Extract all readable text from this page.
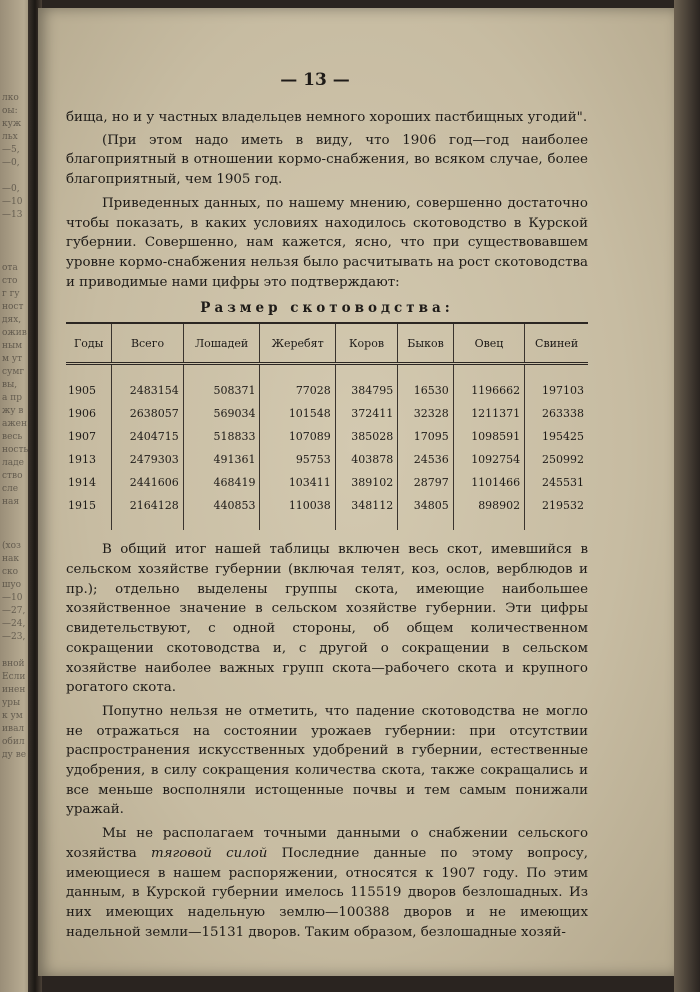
лко
оы:
куж
льх
—5,
—0,
—0,
—10
—13
ота
сто
г гу
ност
дях,
ожив
ным
м ут
сумг
вы,
а пр
жу в
ажен
весь
ность
ладе
ство
сле
ная
(хоз
нак
ско
шуо
—10
—27,
—24,
—23,
вной
Если
инен
уры
к ум
ивал
обил
ду ве
— 13 —

бища, но и у частных владельцев немного хороших пастбищных угодий".

(При этом надо иметь в виду, что 1906 год—год наиболее благоприятный в отношении кормо-снабжения, во всяком случае, более благоприятный, чем 1905 год.

Приведенных данных, по нашему мнению, совершенно достаточно чтобы показать, в каких условиях находилось скотоводство в Курской губернии. Совершенно, нам кажется, ясно, что при существовавшем уровне кормо-снабжения нельзя было расчитывать на рост скотоводства и приводимые нами цифры это подтверждают:

Размер скотоводства:
Годы	Всего	Лошадей	Жеребят	Коров	Быков	Овец	Свиней
1905	2483154	508371	77028	384795	16530	1196662	197103
1906	2638057	569034	101548	372411	32328	1211371	263338
1907	2404715	518833	107089	385028	17095	1098591	195425
1913	2479303	491361	95753	403878	24536	1092754	250992
1914	2441606	468419	103411	389102	28797	1101466	245531
1915	2164128	440853	110038	348112	34805	898902	219532

В общий итог нашей таблицы включен весь скот, имевшийся в сельском хозяйстве губернии (включая телят, коз, ослов, верблюдов и пр.); отдельно выделены группы скота, имеющие наибольшее хозяйственное значение в сельском хозяйстве губернии. Эти цифры свидетельствуют, с одной стороны, об общем количественном сокращении скотоводства и, с другой о сокращении в сельском хозяйстве наиболее важных групп скота—рабочего скота и крупного рогатого скота.

Попутно нельзя не отметить, что падение скотоводства не могло не отражаться на состоянии урожаев губернии: при отсутствии распространения искусственных удобрений в губернии, естественные удобрения, в силу сокращения количества скота, также сокращались и все меньше восполняли истощенные почвы и тем самым понижали уражай.

Мы не располагаем точными данными о снабжении сельского хозяйства тяговой силой Последние данные по этому вопросу, имеющиеся в нашем распоряжении, относятся к 1907 году. По этим данным, в Курской губернии имелось 115519 дворов безлошадных. Из них имеющих надельную землю—100388 дворов и не имеющих надельной земли—15131 дворов. Таким образом, безлошадные хозяй-
